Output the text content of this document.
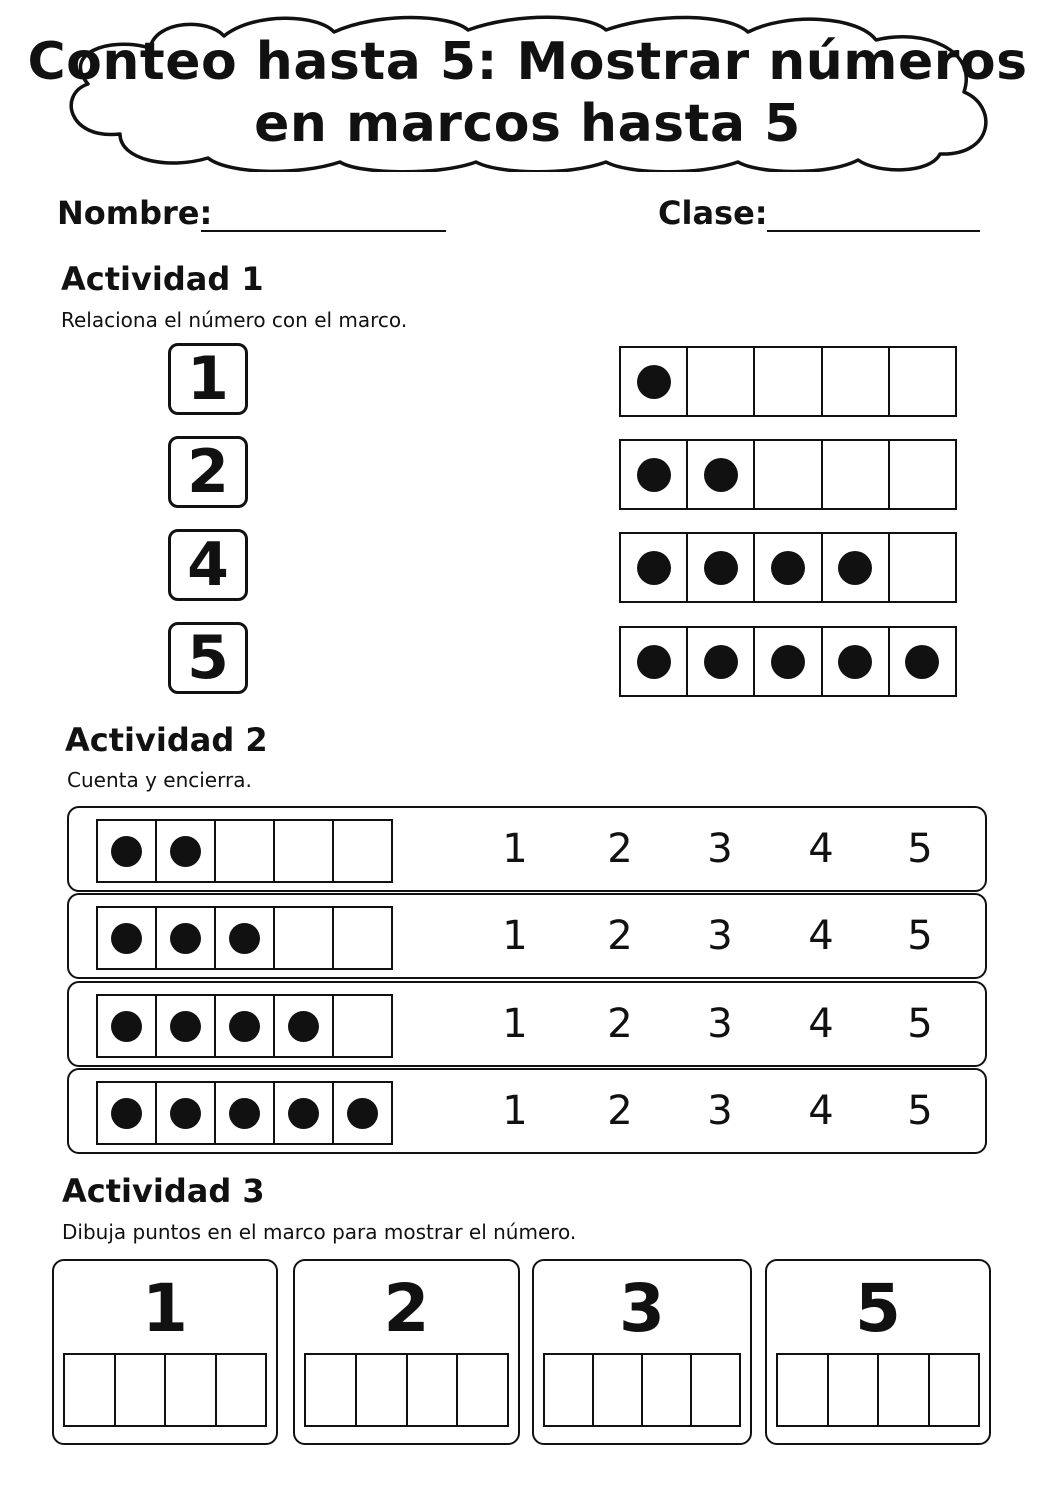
Conteo hasta 5: Mostrar números
en marcos hasta 5
Nombre:	Clase:
Actividad 1
Relaciona el número con el marco.
1
2
4
5
Actividad 2
Cuenta y encierra.
1	2	3	4	5
1	2	3	4	5
1	2	3	4	5
1	2	3	4	5
Actividad 3
Dibuja puntos en el marco para mostrar el número.
1	2	3	5
